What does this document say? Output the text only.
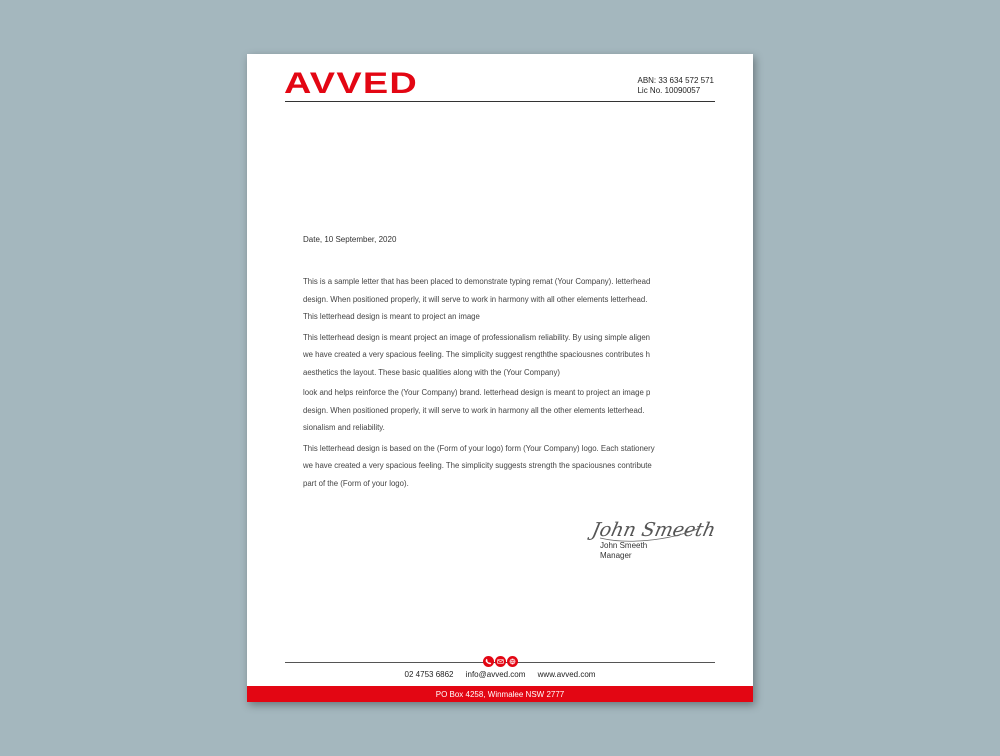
AVVED	ABN: 33 634 572 571
Lic No. 10090057
Date, 10 September, 2020

This is a sample letter that has been placed to demonstrate typing remat (Your Company). letterhead
design. When positioned properly, it will serve to work in harmony with all other elements letterhead.
This letterhead design is meant to project an image

This letterhead design is meant project an image of professionalism reliability. By using simple aligen
we have created a very spacious feeling. The simplicity suggest rengththe spaciousnes contributes h
aesthetics the layout. These basic qualities along with the (Your Company)

look and helps reinforce the (Your Company) brand. letterhead design is meant to project an image p
design. When positioned properly, it will serve to work in harmony all the other elements letterhead.
sionalism and reliability.

This letterhead design is based on the (Form of your logo) form (Your Company) logo. Each stationery
we have created a very spacious feeling. The simplicity suggests strength the spaciousnes contribute
part of the (Form of your logo).

John Smeeth
John Smeeth
Manager
02 4753 6862 info@avved.com www.avved.com
PO Box 4258, Winmalee NSW 2777
